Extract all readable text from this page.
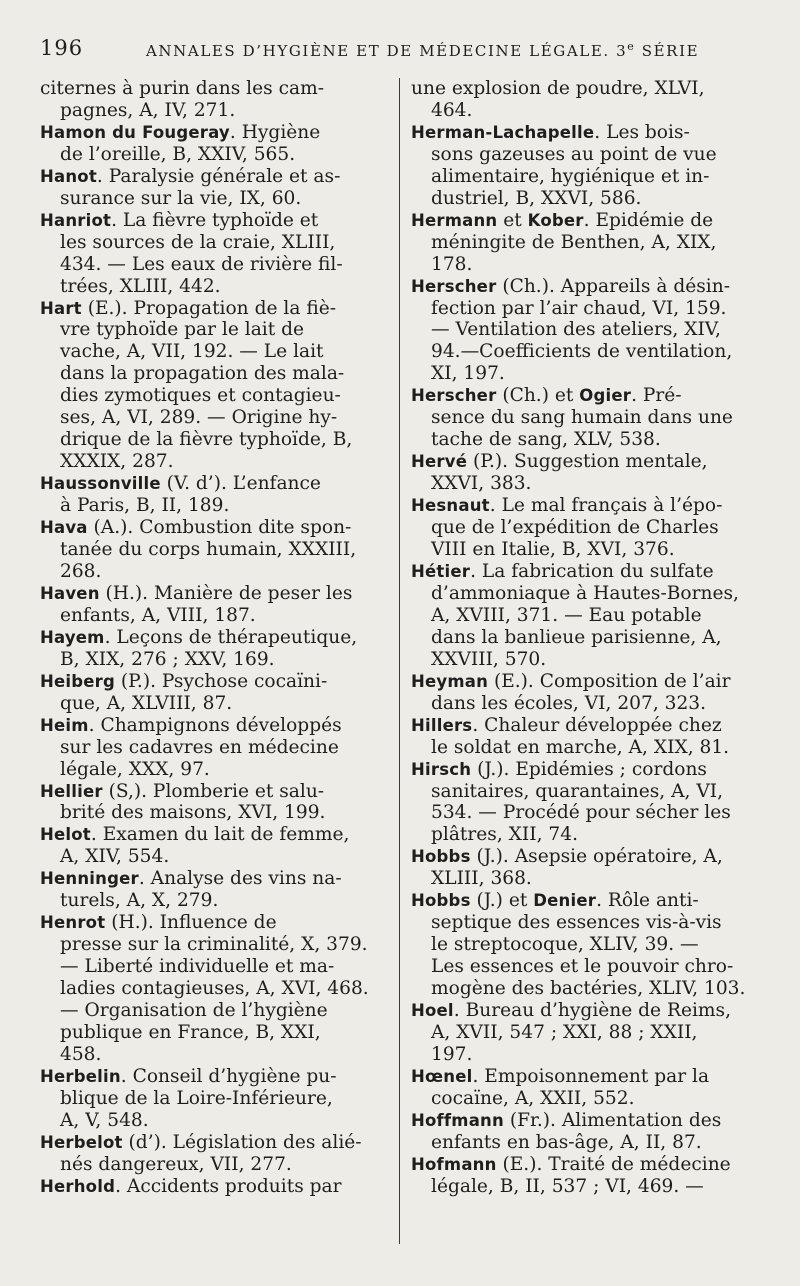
196	ANNALES D’HYGIÈNE ET DE MÉDECINE LÉGALE. 3e SÉRIE

citernes à purin dans les cam-
pagnes, A, IV, 271.

Hamon du Fougeray. Hygiène
de l’oreille, B, XXIV, 565.

Hanot. Paralysie générale et as-
surance sur la vie, IX, 60.

Hanriot. La fièvre typhoïde et
les sources de la craie, XLIII,
434. — Les eaux de rivière fil-
trées, XLIII, 442.

Hart (E.). Propagation de la fiè-
vre typhoïde par le lait de
vache, A, VII, 192. — Le lait
dans la propagation des mala-
dies zymotiques et contagieu-
ses, A, VI, 289. — Origine hy-
drique de la fièvre typhoïde, B,
XXXIX, 287.

Haussonville (V. d’). L’enfance
à Paris, B, II, 189.

Hava (A.). Combustion dite spon-
tanée du corps humain, XXXIII,
268.

Haven (H.). Manière de peser les
enfants, A, VIII, 187.

Hayem. Leçons de thérapeutique,
B, XIX, 276 ; XXV, 169.

Heiberg (P.). Psychose cocaïni-
que, A, XLVIII, 87.

Heim. Champignons développés
sur les cadavres en médecine
légale, XXX, 97.

Hellier (S,). Plomberie et salu-
brité des maisons, XVI, 199.

Helot. Examen du lait de femme,
A, XIV, 554.

Henninger. Analyse des vins na-
turels, A, X, 279.

Henrot (H.). Influence de
presse sur la criminalité, X, 379.
— Liberté individuelle et ma-
ladies contagieuses, A, XVI, 468.
— Organisation de l’hygiène
publique en France, B, XXI,
458.

Herbelin. Conseil d’hygiène pu-
blique de la Loire-Inférieure,
A, V, 548.

Herbelot (d’). Législation des alié-
nés dangereux, VII, 277.

Herhold. Accidents produits par

une explosion de poudre, XLVI,
464.

Herman-Lachapelle. Les bois-
sons gazeuses au point de vue
alimentaire, hygiénique et in-
dustriel, B, XXVI, 586.

Hermann et Kober. Epidémie de
méningite de Benthen, A, XIX,
178.

Herscher (Ch.). Appareils à désin-
fection par l’air chaud, VI, 159.
— Ventilation des ateliers, XIV,
94.—Coefficients de ventilation,
XI, 197.

Herscher (Ch.) et Ogier. Pré-
sence du sang humain dans une
tache de sang, XLV, 538.

Hervé (P.). Suggestion mentale,
XXVI, 383.

Hesnaut. Le mal français à l’épo-
que de l’expédition de Charles
VIII en Italie, B, XVI, 376.

Hétier. La fabrication du sulfate
d’ammoniaque à Hautes-Bornes,
A, XVIII, 371. — Eau potable
dans la banlieue parisienne, A,
XXVIII, 570.

Heyman (E.). Composition de l’air
dans les écoles, VI, 207, 323.

Hillers. Chaleur développée chez
le soldat en marche, A, XIX, 81.

Hirsch (J.). Epidémies ; cordons
sanitaires, quarantaines, A, VI,
534. — Procédé pour sécher les
plâtres, XII, 74.

Hobbs (J.). Asepsie opératoire, A,
XLIII, 368.

Hobbs (J.) et Denier. Rôle anti-
septique des essences vis-à-vis
le streptocoque, XLIV, 39. —
Les essences et le pouvoir chro-
mogène des bactéries, XLIV, 103.

Hoel. Bureau d’hygiène de Reims,
A, XVII, 547 ; XXI, 88 ; XXII,
197.

Hœnel. Empoisonnement par la
cocaïne, A, XXII, 552.

Hoffmann (Fr.). Alimentation des
enfants en bas-âge, A, II, 87.

Hofmann (E.). Traité de médecine
légale, B, II, 537 ; VI, 469. —
